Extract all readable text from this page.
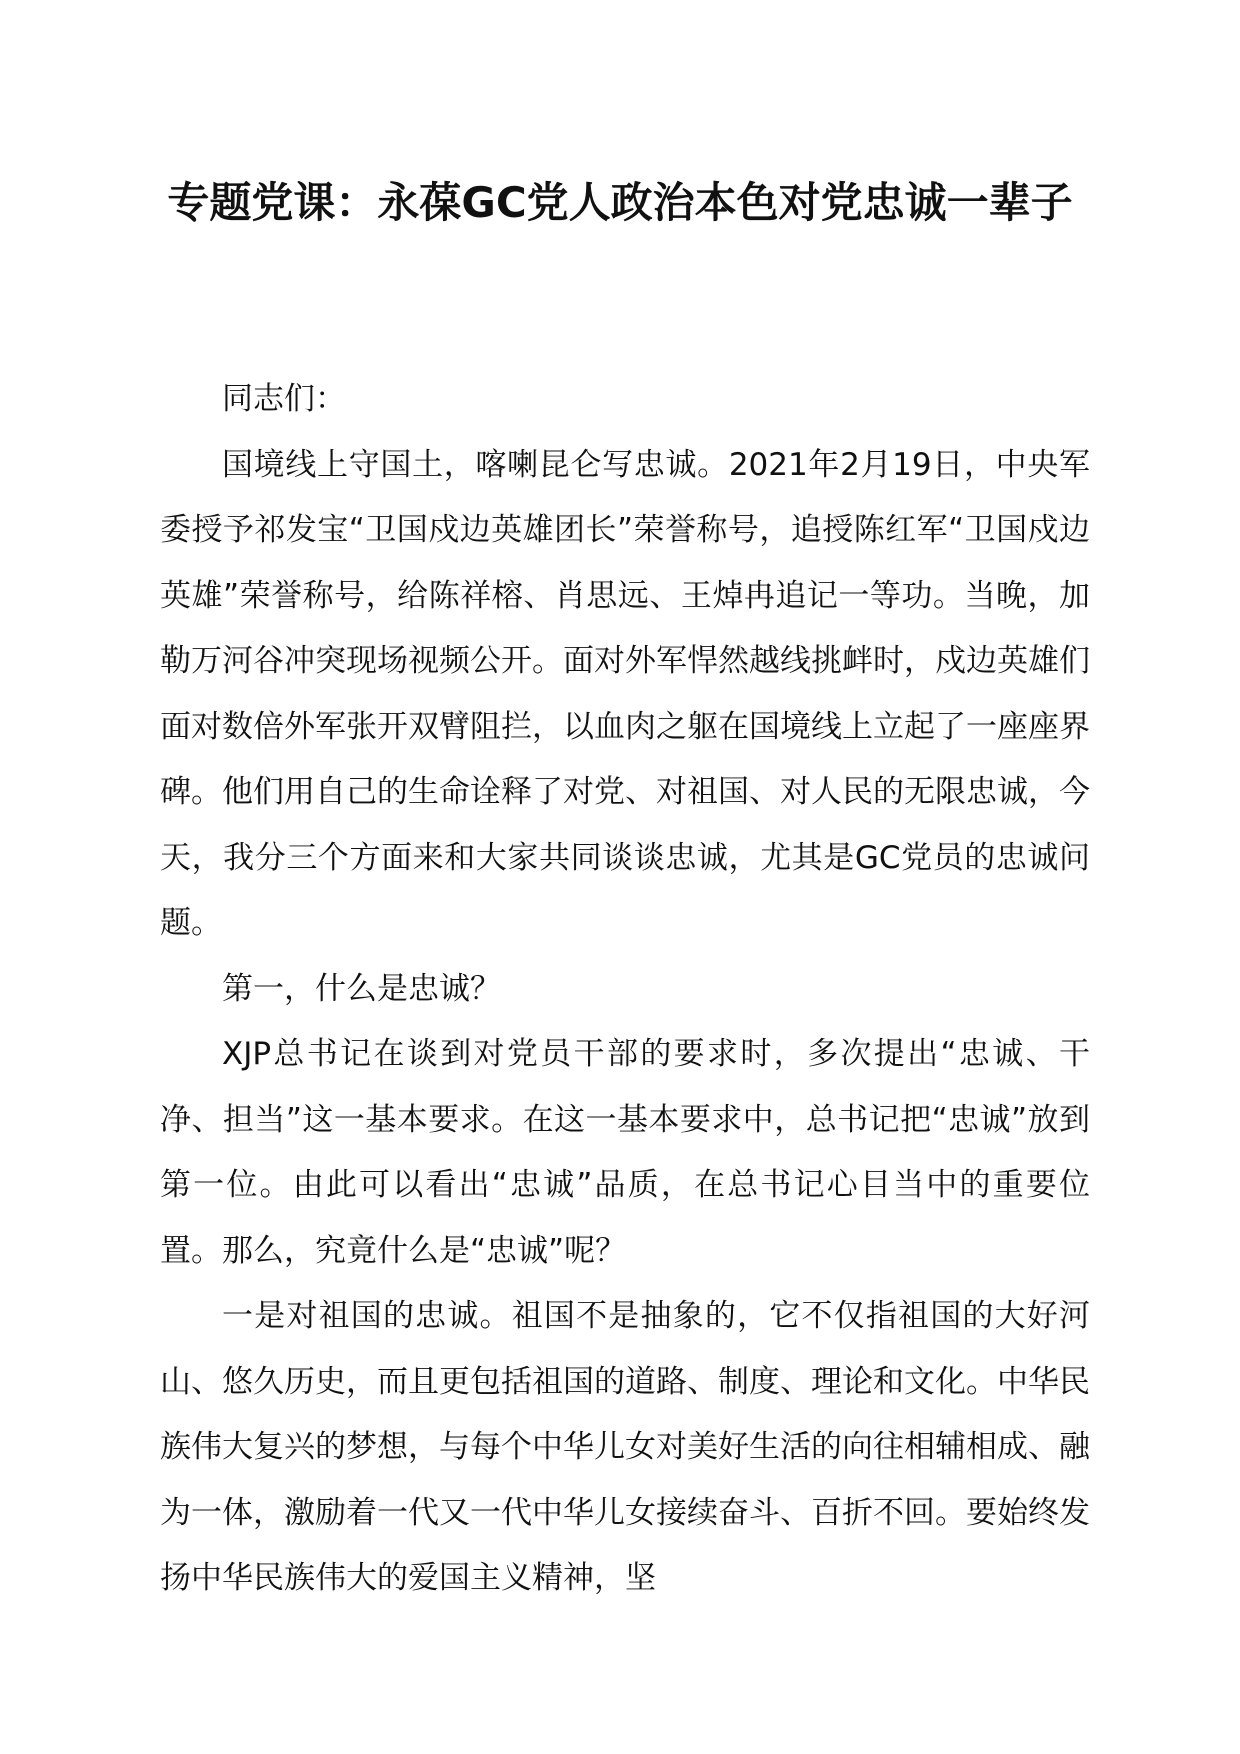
专题党课：永葆GC党人政治本色对党忠诚一辈子

同志们：

国境线上守国土，喀喇昆仑写忠诚。2021年2月19日，中央军委授予祁发宝“卫国戍边英雄团长”荣誉称号，追授陈红军“卫国戍边英雄”荣誉称号，给陈祥榕、肖思远、王焯冉追记一等功。当晚，加勒万河谷冲突现场视频公开。面对外军悍然越线挑衅时，戍边英雄们面对数倍外军张开双臂阻拦，以血肉之躯在国境线上立起了一座座界碑。他们用自己的生命诠释了对党、对祖国、对人民的无限忠诚，今天，我分三个方面来和大家共同谈谈忠诚，尤其是GC党员的忠诚问题。

第一，什么是忠诚？

XJP总书记在谈到对党员干部的要求时，多次提出“忠诚、干净、担当”这一基本要求。在这一基本要求中，总书记把“忠诚”放到第一位。由此可以看出“忠诚”品质，在总书记心目当中的重要位置。那么，究竟什么是“忠诚”呢？

一是对祖国的忠诚。祖国不是抽象的，它不仅指祖国的大好河山、悠久历史，而且更包括祖国的道路、制度、理论和文化。中华民族伟大复兴的梦想，与每个中华儿女对美好生活的向往相辅相成、融为一体，激励着一代又一代中华儿女接续奋斗、百折不回。要始终发扬中华民族伟大的爱国主义精神，坚
